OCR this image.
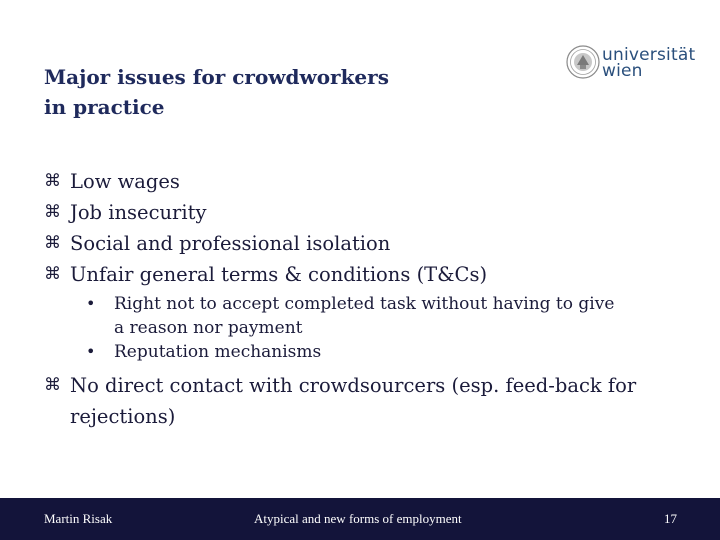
Major issues for crowdworkers
in practice
universität
wien
⌘ Low wages
⌘ Job insecurity
⌘ Social and professional isolation
⌘ Unfair general terms & conditions (T&Cs)
• Right not to accept completed task without having to give
a reason nor payment
• Reputation mechanisms
⌘ No direct contact with crowdsourcers (esp. feed-back for
rejections)
Martin Risak	Atypical and new forms of employment	17
